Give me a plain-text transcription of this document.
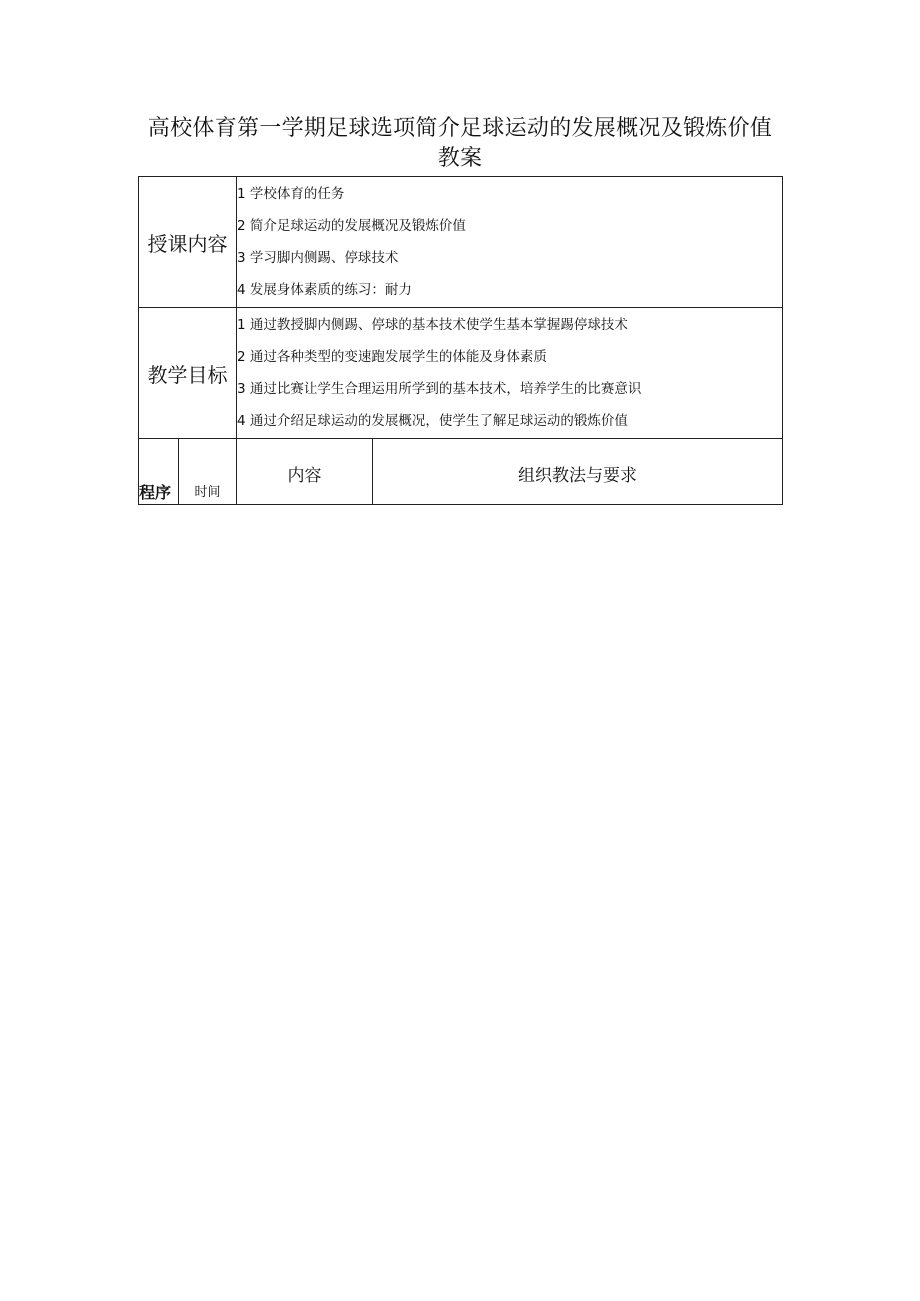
高校体育第一学期足球选项简介足球运动的发展概况及锻炼价值教案
授课内容		1 学校体育的任务
2 简介足球运动的发展概况及锻炼价值
3 学习脚内侧踢、停球技术
4 发展身体素质的练习：耐力	

教学目标		1 通过教授脚内侧踢、停球的基本技术使学生基本掌握踢停球技术
2 通过各种类型的变速跑发展学生的体能及身体素质
3 通过比赛让学生合理运用所学到的基本技术，培养学生的比赛意识
4 通过介绍足球运动的发展概况，使学生了解足球运动的锻炼价值	

程序	时间	内容	组织教法与要求
